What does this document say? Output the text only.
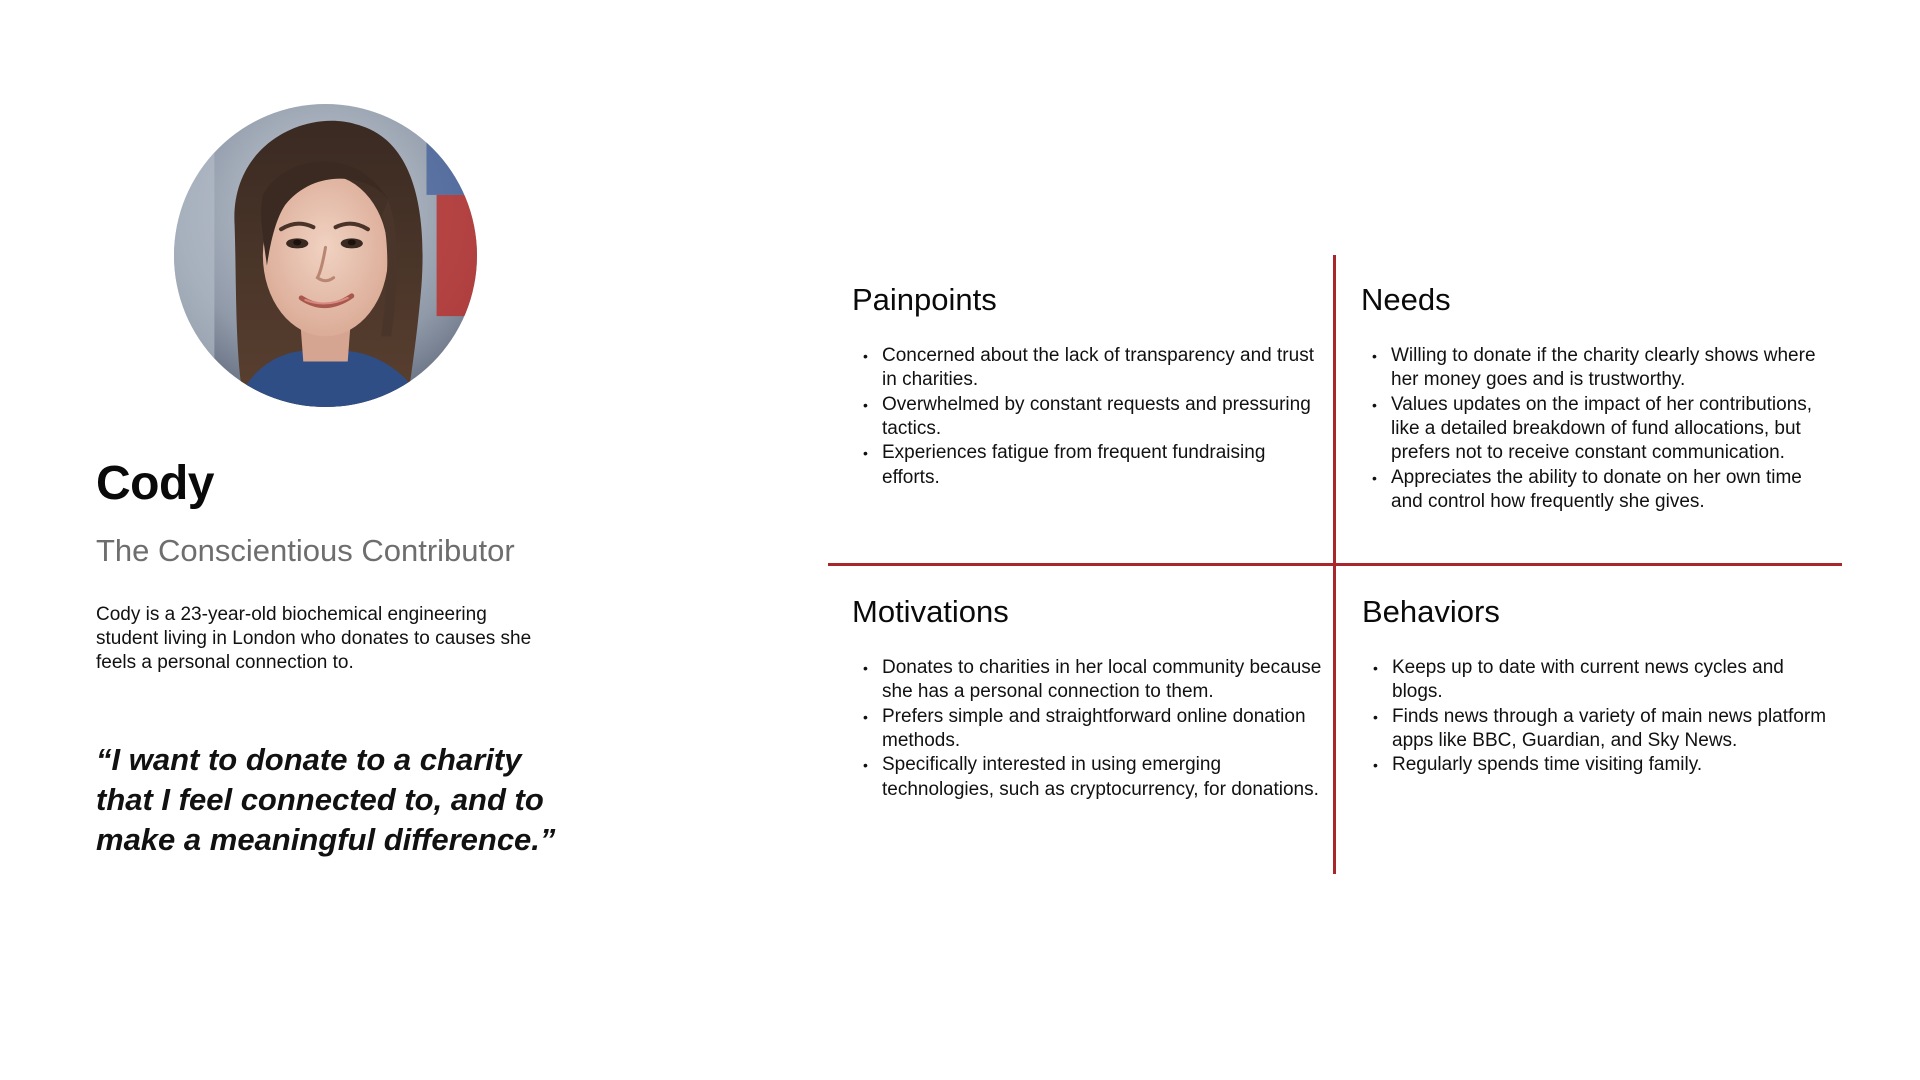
Cody
The Conscientious Contributor

Cody is a 23-year-old biochemical engineering student living in London who donates to causes she feels a personal connection to.

“I want to donate to a charity that I feel connected to, and to make a meaningful difference.”

Painpoints
• Concerned about the lack of transparency and trust in charities.
• Overwhelmed by constant requests and pressuring tactics.
• Experiences fatigue from frequent fundraising efforts.
Needs
• Willing to donate if the charity clearly shows where her money goes and is trustworthy.
• Values updates on the impact of her contributions, like a detailed breakdown of fund allocations, but prefers not to receive constant communication.
• Appreciates the ability to donate on her own time and control how frequently she gives.
Motivations
• Donates to charities in her local community because she has a personal connection to them.
• Prefers simple and straightforward online donation methods.
• Specifically interested in using emerging technologies, such as cryptocurrency, for donations.
Behaviors
• Keeps up to date with current news cycles and blogs.
• Finds news through a variety of main news platform apps like BBC, Guardian, and Sky News.
• Regularly spends time visiting family.
